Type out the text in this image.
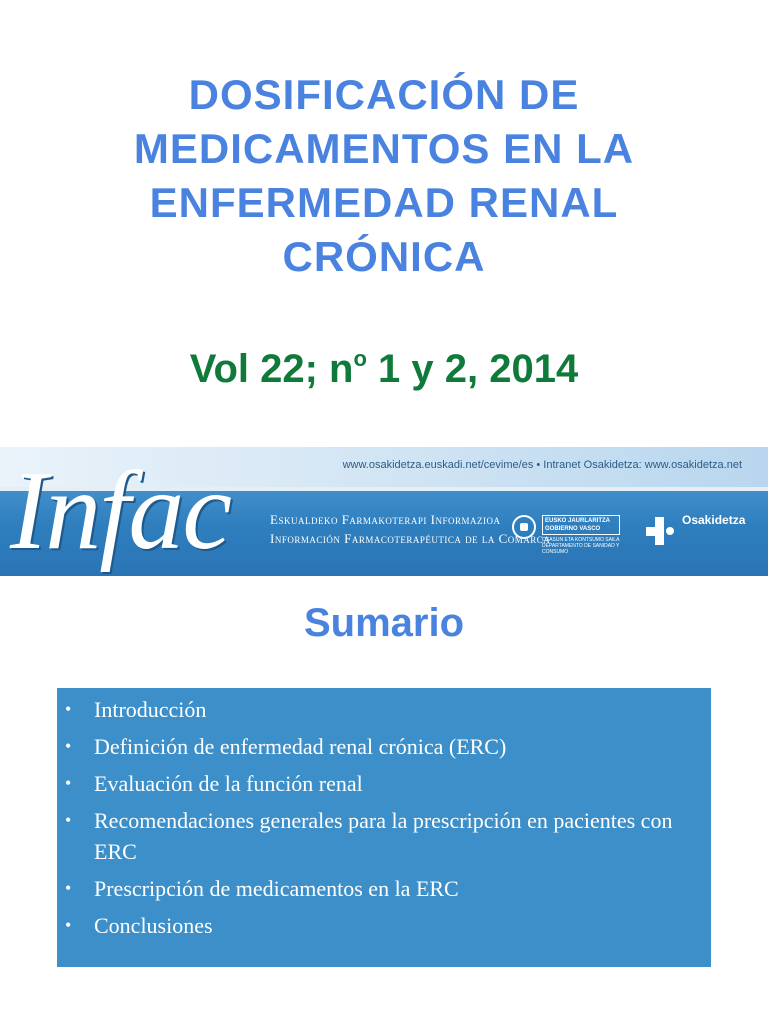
DOSIFICACIÓN DE
MEDICAMENTOS EN LA
ENFERMEDAD RENAL
CRÓNICA
Vol 22; $n^o$ 1 y 2, 2014
Infac	www.osakidetza.euskadi.net/cevime/es • Intranet Osakidetza: www.osakidetza.net
Eskualdeko Farmakoterapi Informazioa
Información Farmacoterapéutica de la Comarca
EUSKO JAURLARITZA
GOBIERNO VASCO
OSASUN ETA KONTSUMO SAILA DEPARTAMENTO DE SANIDAD Y CONSUMO
Osakidetza
Sumario
• Introducción
• Definición de enfermedad renal crónica (ERC)
• Evaluación de la función renal
• Recomendaciones generales para la prescripción en pacientes con ERC
• Prescripción de medicamentos en la ERC
• Conclusiones
